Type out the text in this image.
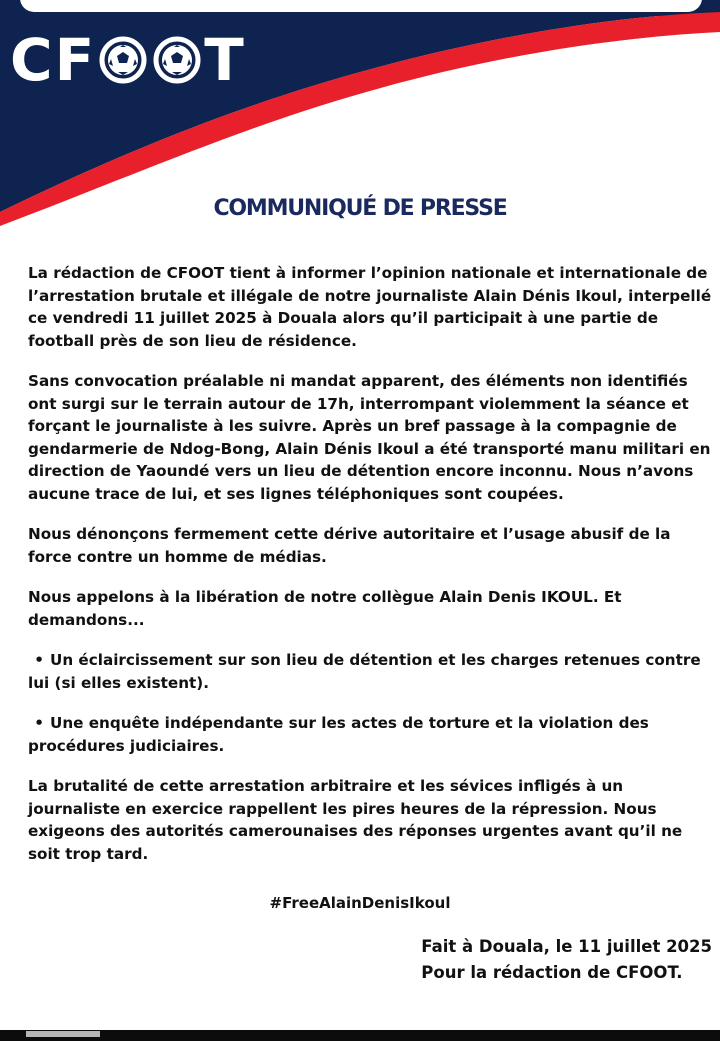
CF T
COMMUNIQUÉ DE PRESSE

La rédaction de CFOOT tient à informer l’opinion nationale et internationale de l’arrestation brutale et illégale de notre journaliste Alain Dénis Ikoul, interpellé ce vendredi 11 juillet 2025 à Douala alors qu’il participait à une partie de football près de son lieu de résidence.

Sans convocation préalable ni mandat apparent, des éléments non identifiés ont surgi sur le terrain autour de 17h, interrompant violemment la séance et forçant le journaliste à les suivre. Après un bref passage à la compagnie de gendarmerie de Ndog-Bong, Alain Dénis Ikoul a été transporté manu militari en direction de Yaoundé vers un lieu de détention encore inconnu. Nous n’avons aucune trace de lui, et ses lignes téléphoniques sont coupées.

Nous dénonçons fermement cette dérive autoritaire et l’usage abusif de la force contre un homme de médias.

Nous appelons à la libération de notre collègue Alain Denis IKOUL. Et demandons...

• Un éclaircissement sur son lieu de détention et les charges retenues contre lui (si elles existent).

• Une enquête indépendante sur les actes de torture et la violation des procédures judiciaires.

La brutalité de cette arrestation arbitraire et les sévices infligés à un journaliste en exercice rappellent les pires heures de la répression. Nous exigeons des autorités camerounaises des réponses urgentes avant qu’il ne soit trop tard.

#FreeAlainDenisIkoul
Fait à Douala, le 11 juillet 2025
Pour la rédaction de CFOOT.
